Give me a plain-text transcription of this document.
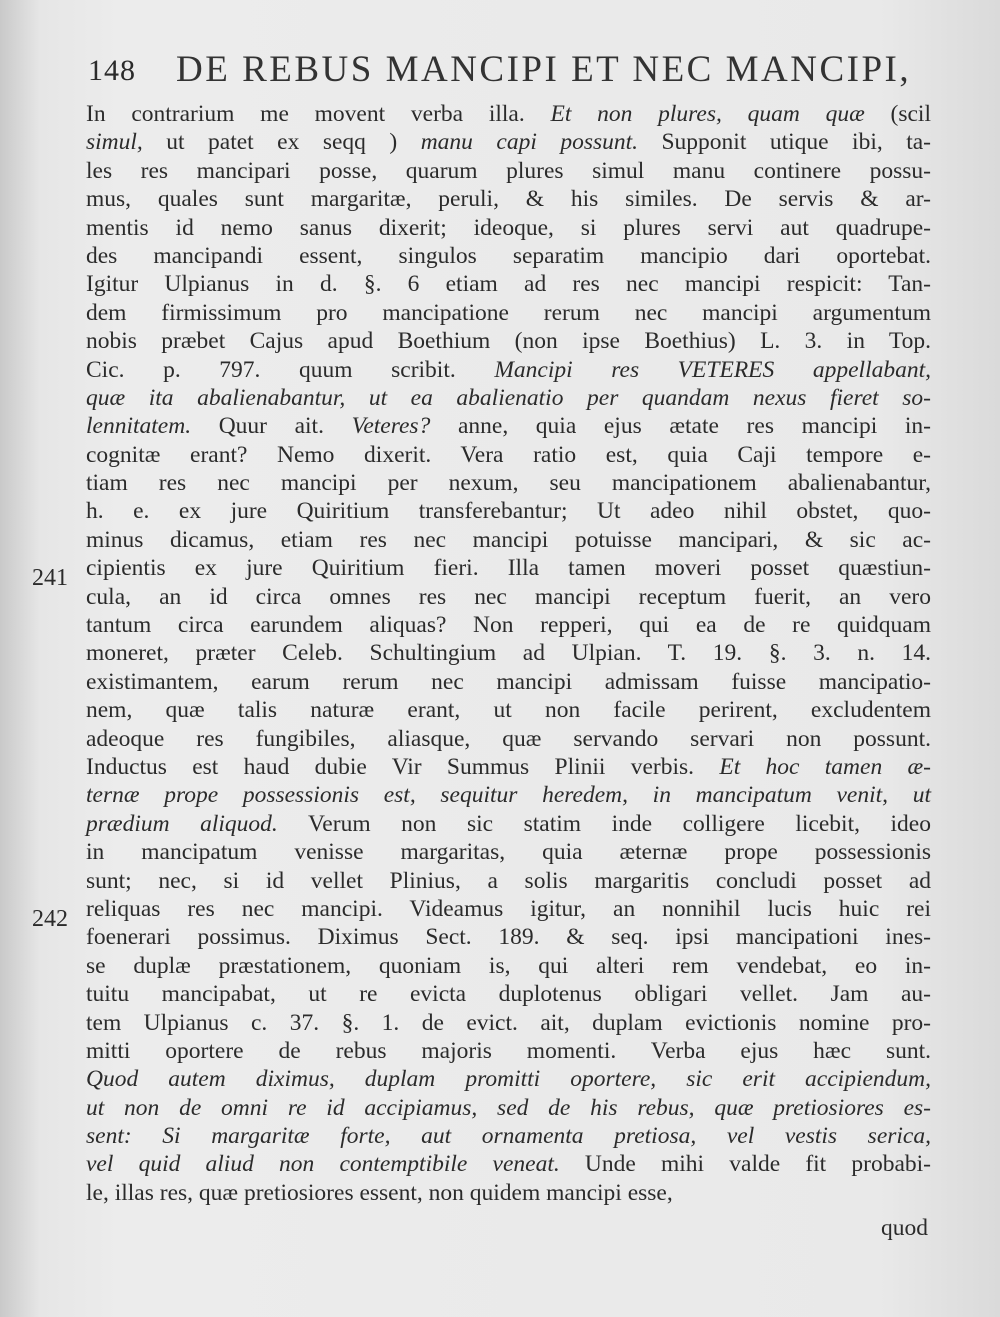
148 DE REBUS MANCIPI ET NEC MANCIPI,
In contrarium me movent verba illa. Et non plures, quam quæ (scil
simul, ut patet ex seqq ) manu capi possunt. Supponit utique ibi, ta-
les res mancipari posse, quarum plures simul manu continere possu-
mus, quales sunt margaritæ, peruli, & his similes. De servis & ar-
mentis id nemo sanus dixerit; ideoque, si plures servi aut quadrupe-
des mancipandi essent, singulos separatim mancipio dari oportebat.
Igitur Ulpianus in d. §. 6 etiam ad res nec mancipi respicit: Tan-
dem firmissimum pro mancipatione rerum nec mancipi argumentum
nobis præbet Cajus apud Boethium (non ipse Boethius) L. 3. in Top.
Cic. p. 797. quum scribit. Mancipi res VETERES appellabant,
quæ ita abalienabantur, ut ea abalienatio per quandam nexus fieret so-
lennitatem. Quur ait. Veteres? anne, quia ejus ætate res mancipi in-
cognitæ erant? Nemo dixerit. Vera ratio est, quia Caji tempore e-
tiam res nec mancipi per nexum, seu mancipationem abalienabantur,
h. e. ex jure Quiritium transferebantur; Ut adeo nihil obstet, quo-
minus dicamus, etiam res nec mancipi potuisse mancipari, & sic ac-
cipientis ex jure Quiritium fieri. Illa tamen moveri posset quæstiun-
cula, an id circa omnes res nec mancipi receptum fuerit, an vero
tantum circa earundem aliquas? Non repperi, qui ea de re quidquam
moneret, præter Celeb. Schultingium ad Ulpian. T. 19. §. 3. n. 14.
existimantem, earum rerum nec mancipi admissam fuisse mancipatio-
nem, quæ talis naturæ erant, ut non facile perirent, excludentem
adeoque res fungibiles, aliasque, quæ servando servari non possunt.
Inductus est haud dubie Vir Summus Plinii verbis. Et hoc tamen æ-
ternæ prope possessionis est, sequitur heredem, in mancipatum venit, ut
prædium aliquod. Verum non sic statim inde colligere licebit, ideo
in mancipatum venisse margaritas, quia æternæ prope possessionis
sunt; nec, si id vellet Plinius, a solis margaritis concludi posset ad
reliquas res nec mancipi. Videamus igitur, an nonnihil lucis huic rei
foenerari possimus. Diximus Sect. 189. & seq. ipsi mancipationi ines-
se duplæ præstationem, quoniam is, qui alteri rem vendebat, eo in-
tuitu mancipabat, ut re evicta duplotenus obligari vellet. Jam au-
tem Ulpianus c. 37. §. 1. de evict. ait, duplam evictionis nomine pro-
mitti oportere de rebus majoris momenti. Verba ejus hæc sunt.
Quod autem diximus, duplam promitti oportere, sic erit accipiendum,
ut non de omni re id accipiamus, sed de his rebus, quæ pretiosiores es-
sent: Si margaritæ forte, aut ornamenta pretiosa, vel vestis serica,
vel quid aliud non contemptibile veneat. Unde mihi valde fit probabi-
le, illas res, quæ pretiosiores essent, non quidem mancipi esse,
241
242
quod
